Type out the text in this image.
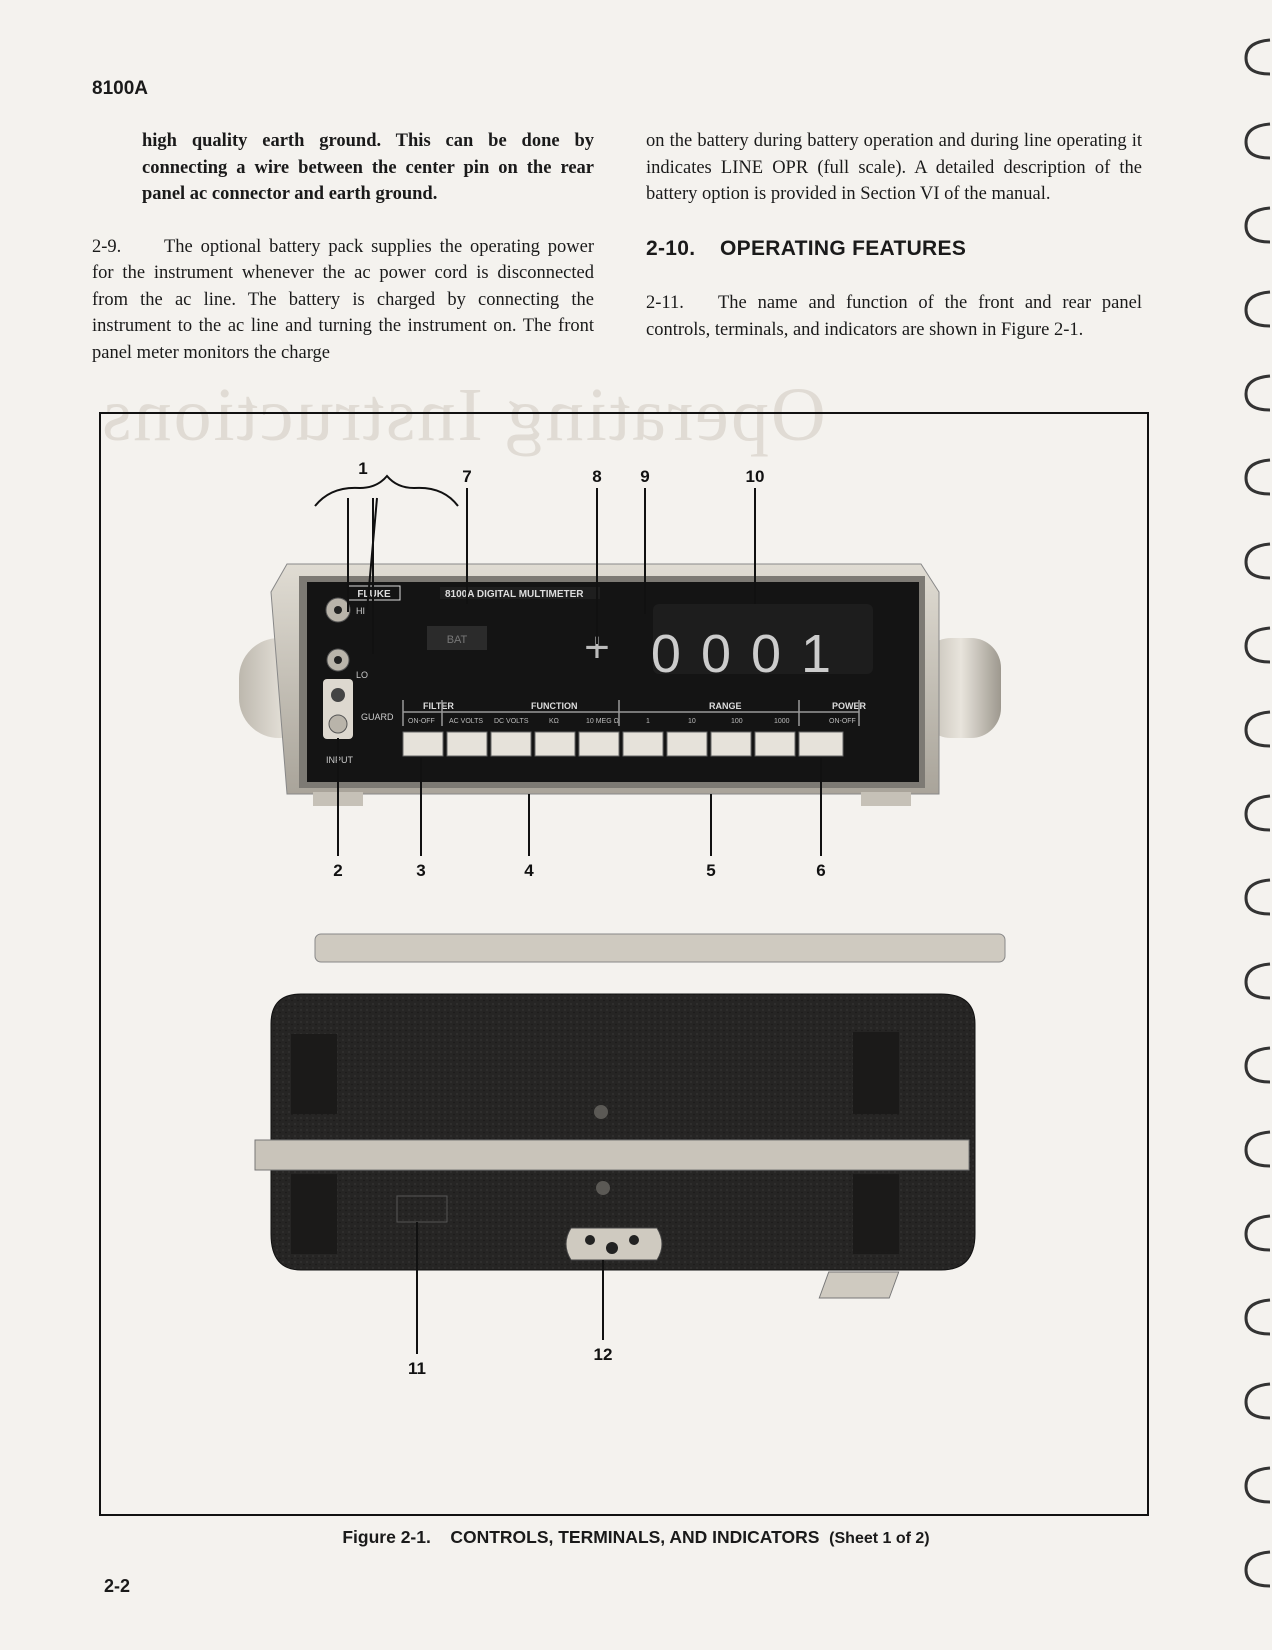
8100A
Operating Instructions

high quality earth ground. This can be done by connecting a wire between the center pin on the rear panel ac connector and earth ground.

2-9. The optional battery pack supplies the operating power for the instrument whenever the ac power cord is disconnected from the ac line. The battery is charged by connecting the instrument to the ac line and turning the instrument on. The front panel meter monitors the charge

on the battery during battery operation and during line operating it indicates LINE OPR (full scale). A detailed description of the battery option is provided in Section VI of the manual.

2-10. OPERATING FEATURES

2-11. The name and function of the front and rear panel controls, terminals, and indicators are shown in Figure 2-1.

FLUKE	8100A DIGITAL MULTIMETER
BAT	+ 0001
HI
LO
GUARD
INPUT
FILTER	FUNCTION	RANGE	POWER
ON-OFF AC VOLTS DC VOLTS	KΩ	10 MEG Ω	1	10	100	1000	ON-OFF
1
2	3	4	5	6
7	8 9	10
11
12
Figure 2-1. CONTROLS, TERMINALS, AND INDICATORS (Sheet 1 of 2)
2-2
